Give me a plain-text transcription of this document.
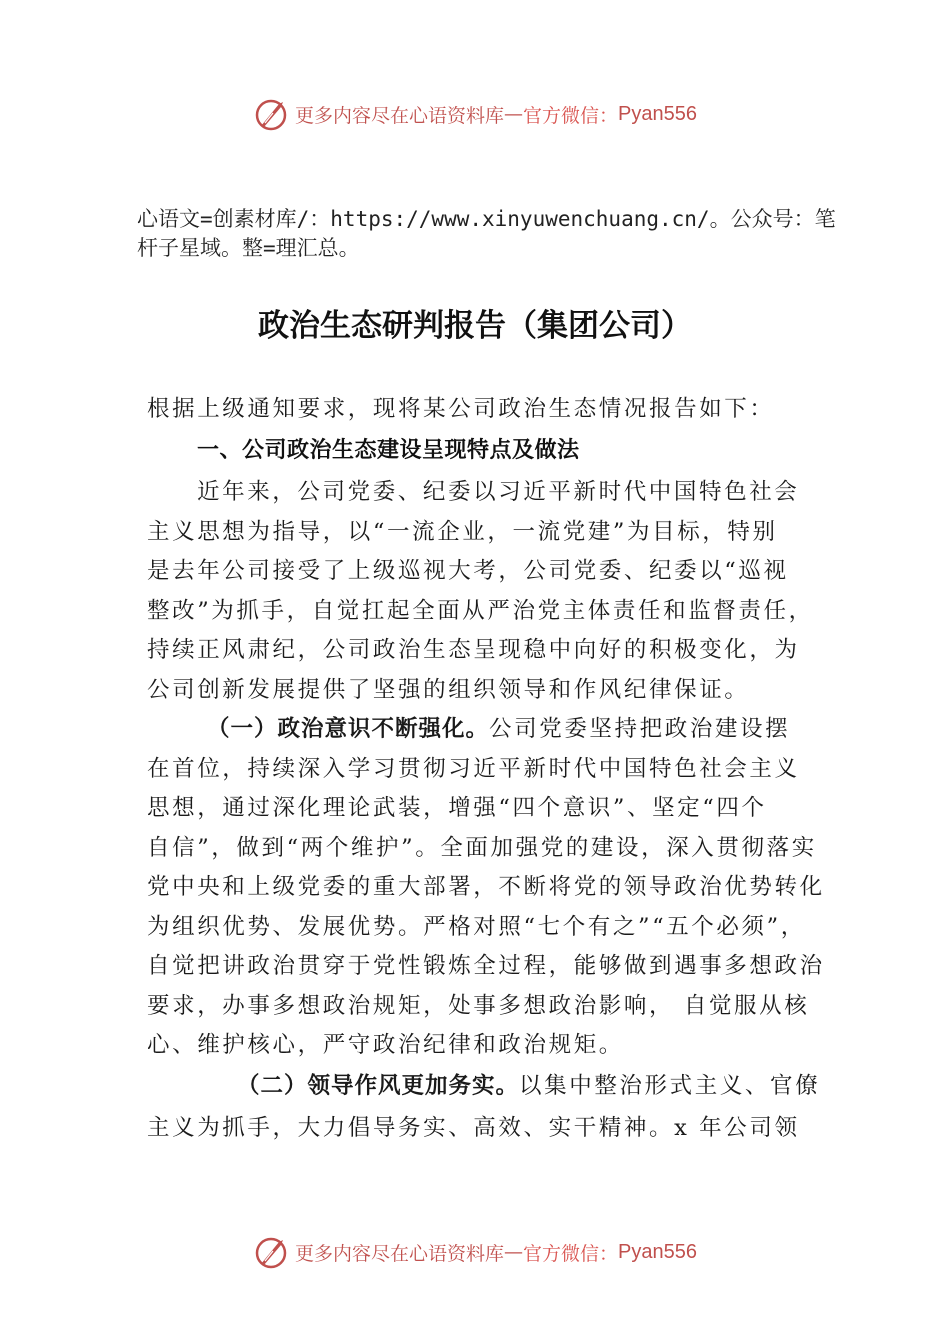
更多内容尽在心语资料库 — 官方微信： Pyan556
心语文=创素材库/：https://www.xinyuwenchuang.cn/。公众号：笔杆子星域。整=理汇总。
政治生态研判报告（集团公司）
根据上级通知要求，现将某公司政治生态情况报告如下：
一、公司政治生态建设呈现特点及做法
近年来，公司党委、纪委以习近平新时代中国特色社会
主义思想为指导，以“一流企业，一流党建”为目标，特别
是去年公司接受了上级巡视大考，公司党委、纪委以“巡视
整改”为抓手，自觉扛起全面从严治党主体责任和监督责任，
持续正风肃纪，公司政治生态呈现稳中向好的积极变化，为
公司创新发展提供了坚强的组织领导和作风纪律保证。
（一）政治意识不断强化。公司党委坚持把政治建设摆
在首位，持续深入学习贯彻习近平新时代中国特色社会主义
思想，通过深化理论武装，增强“四个意识”、坚定“四个
自信”，做到“两个维护”。全面加强党的建设，深入贯彻落实
党中央和上级党委的重大部署，不断将党的领导政治优势转化
为组织优势、发展优势。严格对照“七个有之”“五个必须”，
自觉把讲政治贯穿于党性锻炼全过程，能够做到遇事多想政治
要求，办事多想政治规矩，处事多想政治影响， 自觉服从核
心、维护核心，严守政治纪律和政治规矩。
（二）领导作风更加务实。以集中整治形式主义、官僚
主义为抓手，大力倡导务实、高效、实干精神。x 年公司领
更多内容尽在心语资料库 — 官方微信： Pyan556
